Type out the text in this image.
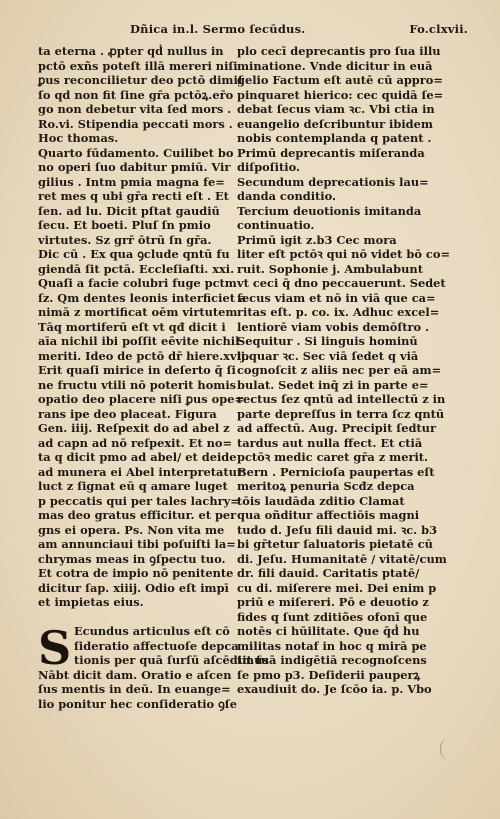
Dñica in.l. Sermo ſecūdus.	Fo.clxvii.
ta eterna . ꝓpter qḋ nullus in
pctō exñs poteſt illā mereri niſi
ꝑus reconcilietur deo pctō dimiſ
ſo qd non fit ſine gr̄a pctōꝝ.er̄o
go non debetur vita ſed mors .
Ro.vi. Stipendia peccati mors .
Hoc thomas.
Quarto fūdamento. Cuilibet bo
no operi ſuo dabitur pmiū. Vir
gilius . Intm pmia magna fe=
ret mes q ubi gr̄a recti eſt . Et
ſen. ad lu. Dicit pſtat gaudiū
ſecu. Et boeti. Pluſ ſn pmio
virtutes. Sz grr̄ ōtrū ſn gr̄a.
Dic cū . Ex qua ꝯclude qntū fu
giendā ſit pctā. Eccleſiaſti. xxi.
Quaſi a facie colubri fuge pctm
ſz. Qm dentes leonis interficiet a
nimā z mortificat oēm virtutem
Tāq mortiferū eſt vt qđ dicit i
aīa nichil ibi poſſit eēvite nichil
meriti. Ideo de pctō dr̄ hiere.xvij.
Erit quaſi mirice in deſerto q̄ ſi
ne fructu vtili nō poterit homis
opatio deo placere niſi ꝑus ope=
rans ipe deo placeat. Figura
Gen. iiij. Reſpexit do ad abel z
ad capn ad nō reſpexit. Et no=
ta q dicit pmo ad abel/ et deide
ad munera ei Abel interpretatur
luct z ſignat eū q amare luget
p peccatis qui per tales lachry=
mas deo gratus efficitur. et per
gns ei opera. Ps. Non vita me
am annunciaui tibi poſuiſti la=
chrymas meas in ꝯſpectu tuo.
Et cotra de impio nō penitente
dicitur ſap. xiiij. Odio eſt impī
et impietas eius.
Ecundus articulus eſt cō
ſideratio affectuoſe depca
tionis per quā ſurſū aſcēdimus
Nābt dicit dam. Oratio e aſcen
ſus mentis in deū. In euange=
lio ponitur hec conſideratio ꝯſe
plo cecī deprecantis pro ſua illu
minatione. Vnde dicitur in euā
gelio Factum eſt autē cū appro=
pinquaret hierico: cec quidā ſe=
debat ſecus viam ꝛc. Vbi ctia in
euangelio deſcribuntur ibidem
nobis contemplanda q patent .
Primū deprecantis miſeranda
diſpoſitio.
Secundum deprecationis lau=
danda conditio.
Tercium deuotionis imitanda
continuatio.
Primū igit z.b3 Cec mora
liter eſt pctōꝛ qui nō videt bō co=
ruit. Sophonie j. Ambulabunt
vt ceci q̄ dno peccauerunt. Sedet
ſecus viam et nō in viā que ca=
ritas eſt. p. co. ix. Adhuc excel=
lentiorē viam vobis demōſtro .
Sequitur . Si linguis hominū
loquar ꝛc. Sec viā ſedet q viā
cognoſcit z aliis nec per eā am=
bulat. Sedet inq̄ zi in parte e=
rectus ſez qntū ad intellectū z in
parte depreſſus in terra ſcz qntū
ad affectū. Aug. Precipit ſedtur
tardus aut nulla ffect. Et ctiā
pctōꝛ medic caret gr̄a z merit.
Bern . Pernicioſa paupertas eſt
meritoꝝ penuria Scđz depca
tōis laudāda zditio Clamat
qua oñditur affectiōis magni
tudo d. Jeſu fili dauid mi. ꝛc. b3
bi gr̄tetur ſaluatoris pietatē cū
di. Jeſu. Humanitatē / vitatē/cum
dr. fili dauid. Caritatis ptatē/
cu di. miſerere mei. Dei enim p
priū e miſereri. Pō e deuotio z
fides q ſunt zditiões ofonī que
notēs ci hūilitate. Que q̄ḋ hu
militas notaf in hoc q mirā pe
tit ſuā indigētiā recognoſcens
ſe pmo p3. Deſiderii pauperꝝ
exaudiuit do. Je ſcōo ia. p. Vbo
S
